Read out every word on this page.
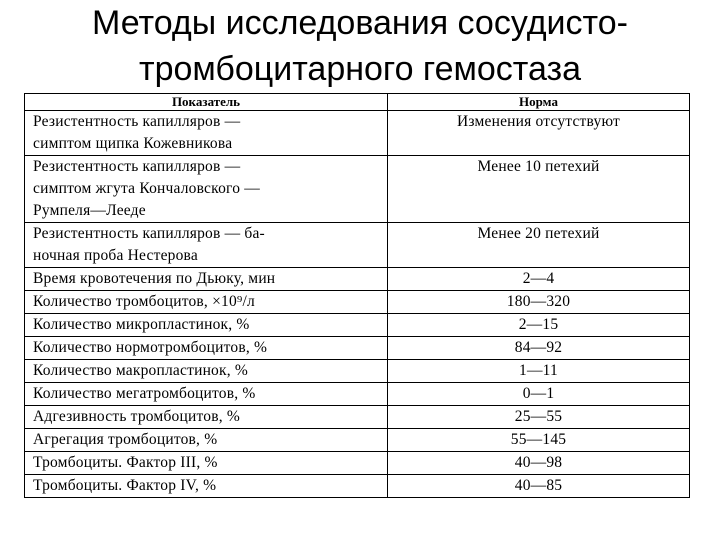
Методы исследования сосудисто-
тромбоцитарного гемостаза
Показатель	Норма

Резистентность капилляров —
симптом щипка Кожевникова	Изменения отсутствуют

Резистентность капилляров —
симптом жгута Кончаловского —
Румпеля—Лееде	Менее 10 петехий

Резистентность капилляров — ба-
ночная проба Нестерова	Менее 20 петехий

Время кровотечения по Дьюку, мин	2—4

Количество тромбоцитов, ×10⁹/л	180—320

Количество микропластинок, %	2—15

Количество нормотромбоцитов, %	84—92

Количество макропластинок, %	1—11

Количество мегатромбоцитов, %	0—1

Адгезивность тромбоцитов, %	25—55

Агрегация тромбоцитов, %	55—145

Тромбоциты. Фактор III, %	40—98

Тромбоциты. Фактор IV, %	40—85
